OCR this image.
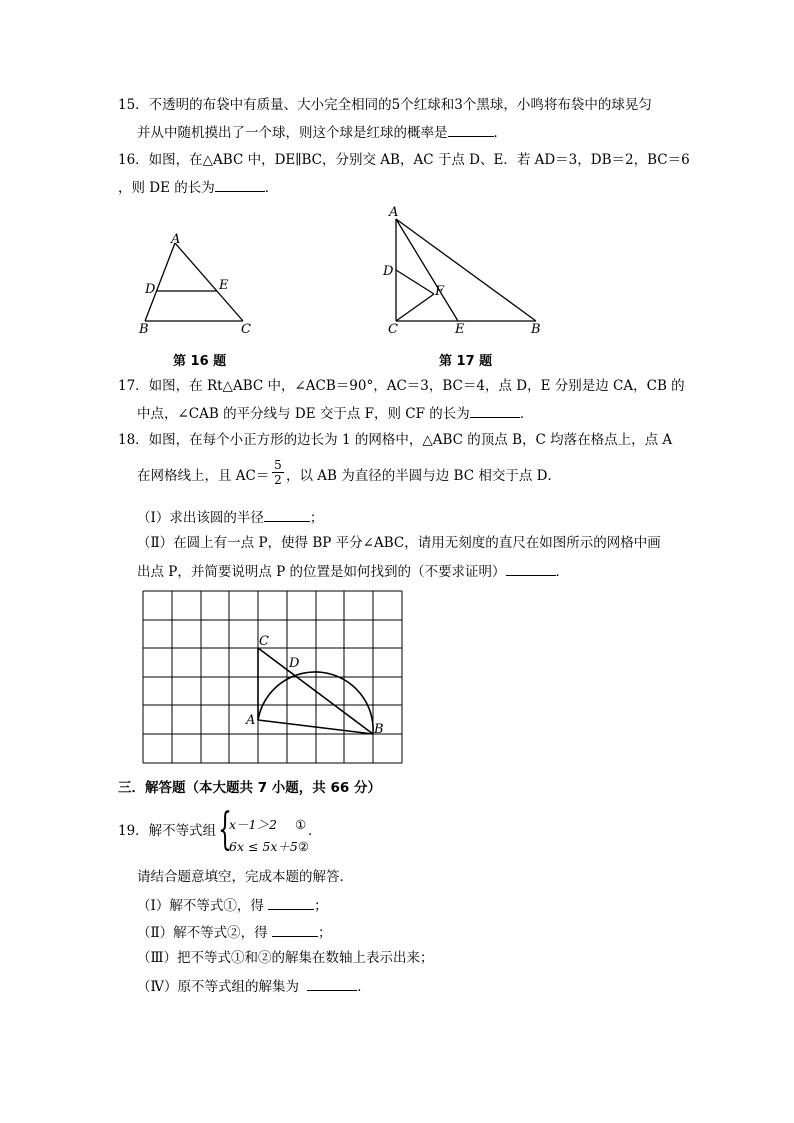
15．不透明的布袋中有质量、大小完全相同的5个红球和3个黑球，小鸣将布袋中的球晃匀
并从中随机摸出了一个球，则这个球是红球的概率是	．
16．如图，在△ABC 中，DE∥BC，分别交 AB，AC 于点 D、E．若 AD＝3，DB＝2，BC＝6
，则 DE 的长为	．
A
D	E
B	C
第 16 题
A
D
F
C	E	B
第 17 题
17．如图，在 Rt△ABC 中，∠ACB＝90°，AC＝3，BC＝4，点 D，E 分别是边 CA，CB 的
中点，∠CAB 的平分线与 DE 交于点 F，则 CF 的长为	．
18．如图，在每个小正方形的边长为 1 的网格中，△ABC 的顶点 B，C 均落在格点上，点 A
在网格线上，且 $AC= \frac{5}{2}$ ，以 AB 为直径的半圆与边 BC 相交于点 D．
（Ⅰ）求出该圆的半径	；
（Ⅱ）在圆上有一点 P，使得 BP 平分∠ABC，请用无刻度的直尺在如图所示的网格中画
出点 P，并简要说明点 P 的位置是如何找到的（不要求证明）	．
C
D
A
B
三．解答题（本大题共 7 小题，共 66 分）
19．解不等式组 {
x－1＞2 ①
6x ≤ 5x＋5②
．
请结合题意填空，完成本题的解答．
（Ⅰ）解不等式①，得	；
（Ⅱ）解不等式②，得	；
（Ⅲ）把不等式①和②的解集在数轴上表示出来；
（Ⅳ）原不等式组的解集为	．
